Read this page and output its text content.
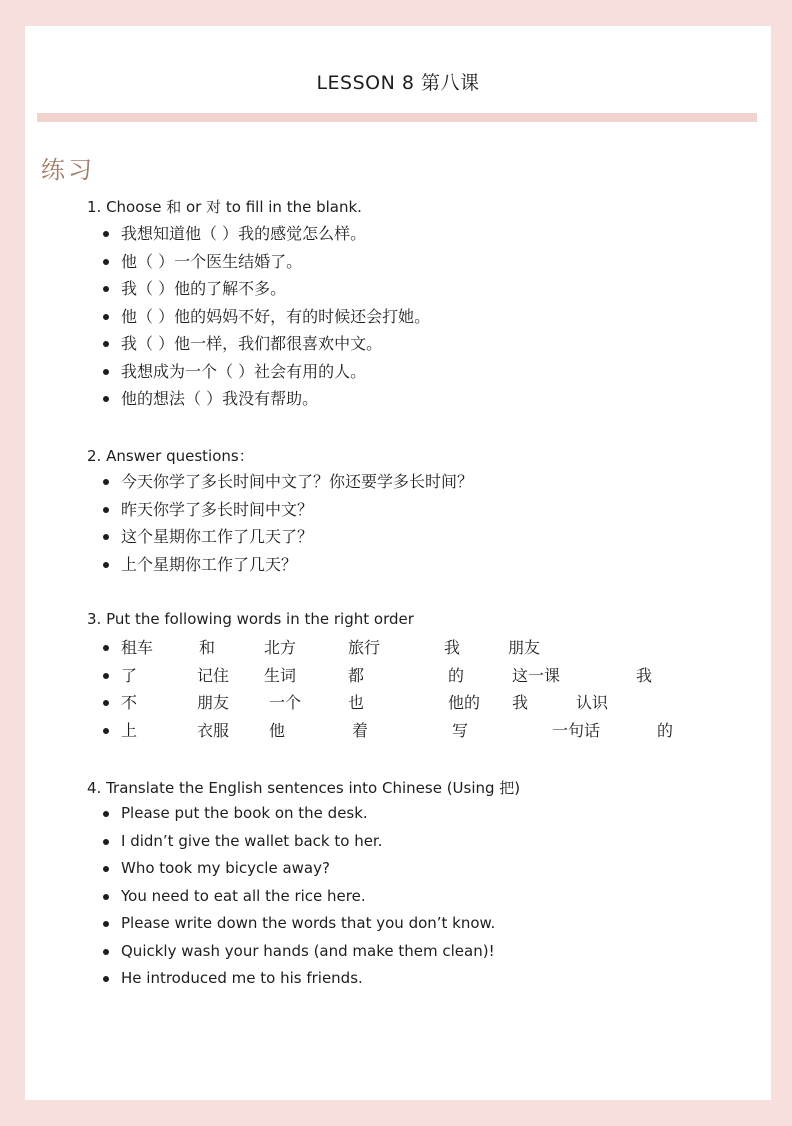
LESSON 8 第八课
练习
1. Choose 和 or 对 to fill in the blank.
我想知道他（ ）我的感觉怎么样。
他（ ）一个医生结婚了。
我（ ）他的了解不多。
他（ ）他的妈妈不好，有的时候还会打她。
我（ ）他一样，我们都很喜欢中文。
我想成为一个（ ）社会有用的人。
他的想法（ ）我没有帮助。
2. Answer questions：
今天你学了多长时间中文了？你还要学多长时间？
昨天你学了多长时间中文？
这个星期你工作了几天了？
上个星期你工作了几天？
3. Put the following words in the right order
租车	和	北方	旅行	我	朋友
了	记住 生词	都	的	这一课	我
不	朋友 一个	也	他的 我	认识
上	衣服 他	着	写	一句话	的
4. Translate the English sentences into Chinese (Using 把)
Please put the book on the desk.
I didn’t give the wallet back to her.
Who took my bicycle away?
You need to eat all the rice here.
Please write down the words that you don’t know.
Quickly wash your hands (and make them clean)!
He introduced me to his friends.
